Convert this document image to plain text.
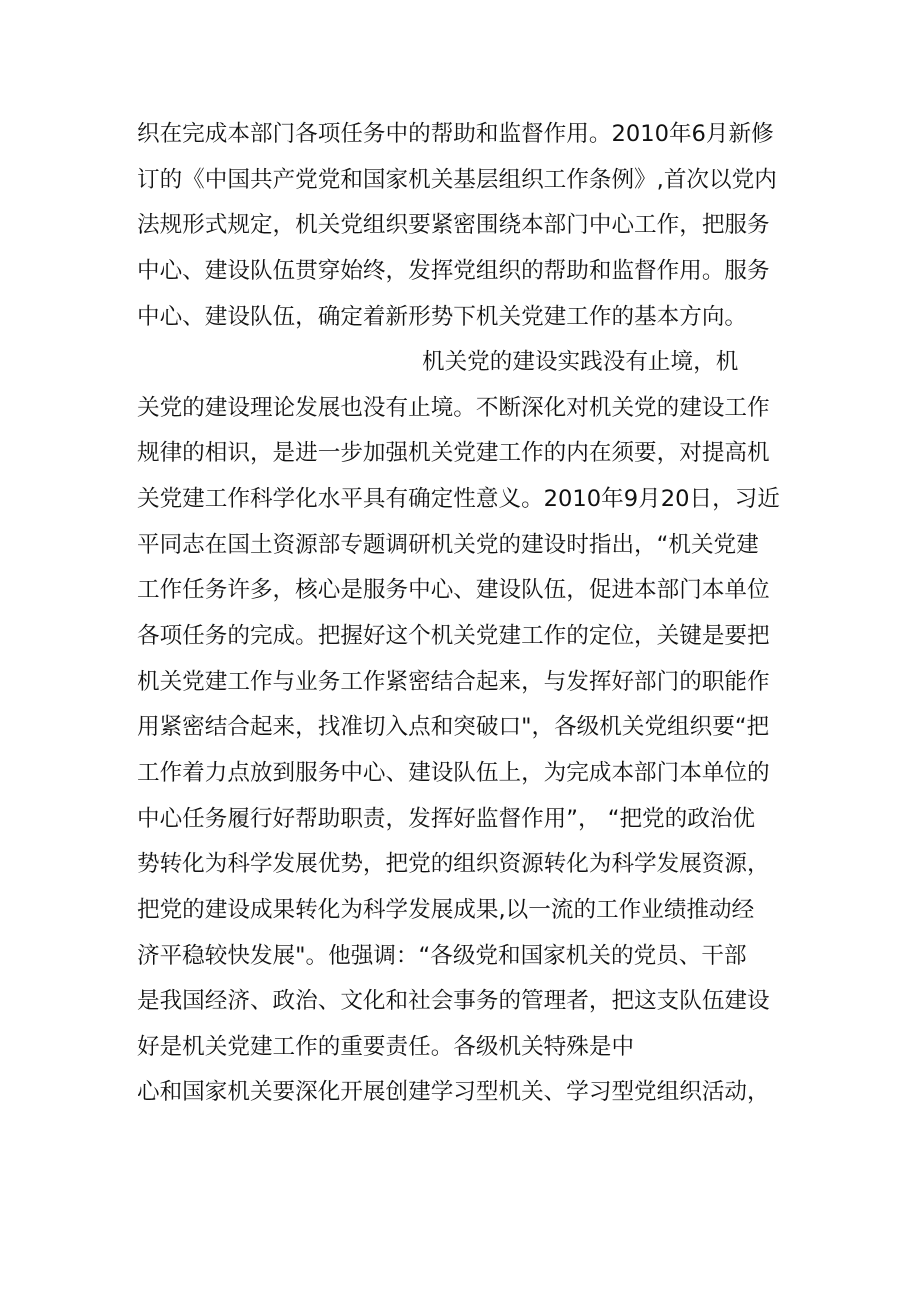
织在完成本部门各项任务中的帮助和监督作用。2010年6月新修
订的《中国共产党党和国家机关基层组织工作条例》,首次以党内
法规形式规定，机关党组织要紧密围绕本部门中心工作，把服务
中心、建设队伍贯穿始终，发挥党组织的帮助和监督作用。服务
中心、建设队伍，确定着新形势下机关党建工作的基本方向。
机关党的建设实践没有止境，机
关党的建设理论发展也没有止境。不断深化对机关党的建设工作
规律的相识，是进一步加强机关党建工作的内在须要，对提高机
关党建工作科学化水平具有确定性意义。2010年9月20日，习近
平同志在国土资源部专题调研机关党的建设时指出，“机关党建
工作任务许多，核心是服务中心、建设队伍，促进本部门本单位
各项任务的完成。把握好这个机关党建工作的定位，关键是要把
机关党建工作与业务工作紧密结合起来，与发挥好部门的职能作
用紧密结合起来，找准切入点和突破口"，各级机关党组织要“把
工作着力点放到服务中心、建设队伍上，为完成本部门本单位的
中心任务履行好帮助职责，发挥好监督作用”， “把党的政治优
势转化为科学发展优势，把党的组织资源转化为科学发展资源，
把党的建设成果转化为科学发展成果,以一流的工作业绩推动经
济平稳较快发展"。他强调：“各级党和国家机关的党员、干部
是我国经济、政治、文化和社会事务的管理者，把这支队伍建设
好是机关党建工作的重要责任。各级机关特殊是中
心和国家机关要深化开展创建学习型机关、学习型党组织活动，
